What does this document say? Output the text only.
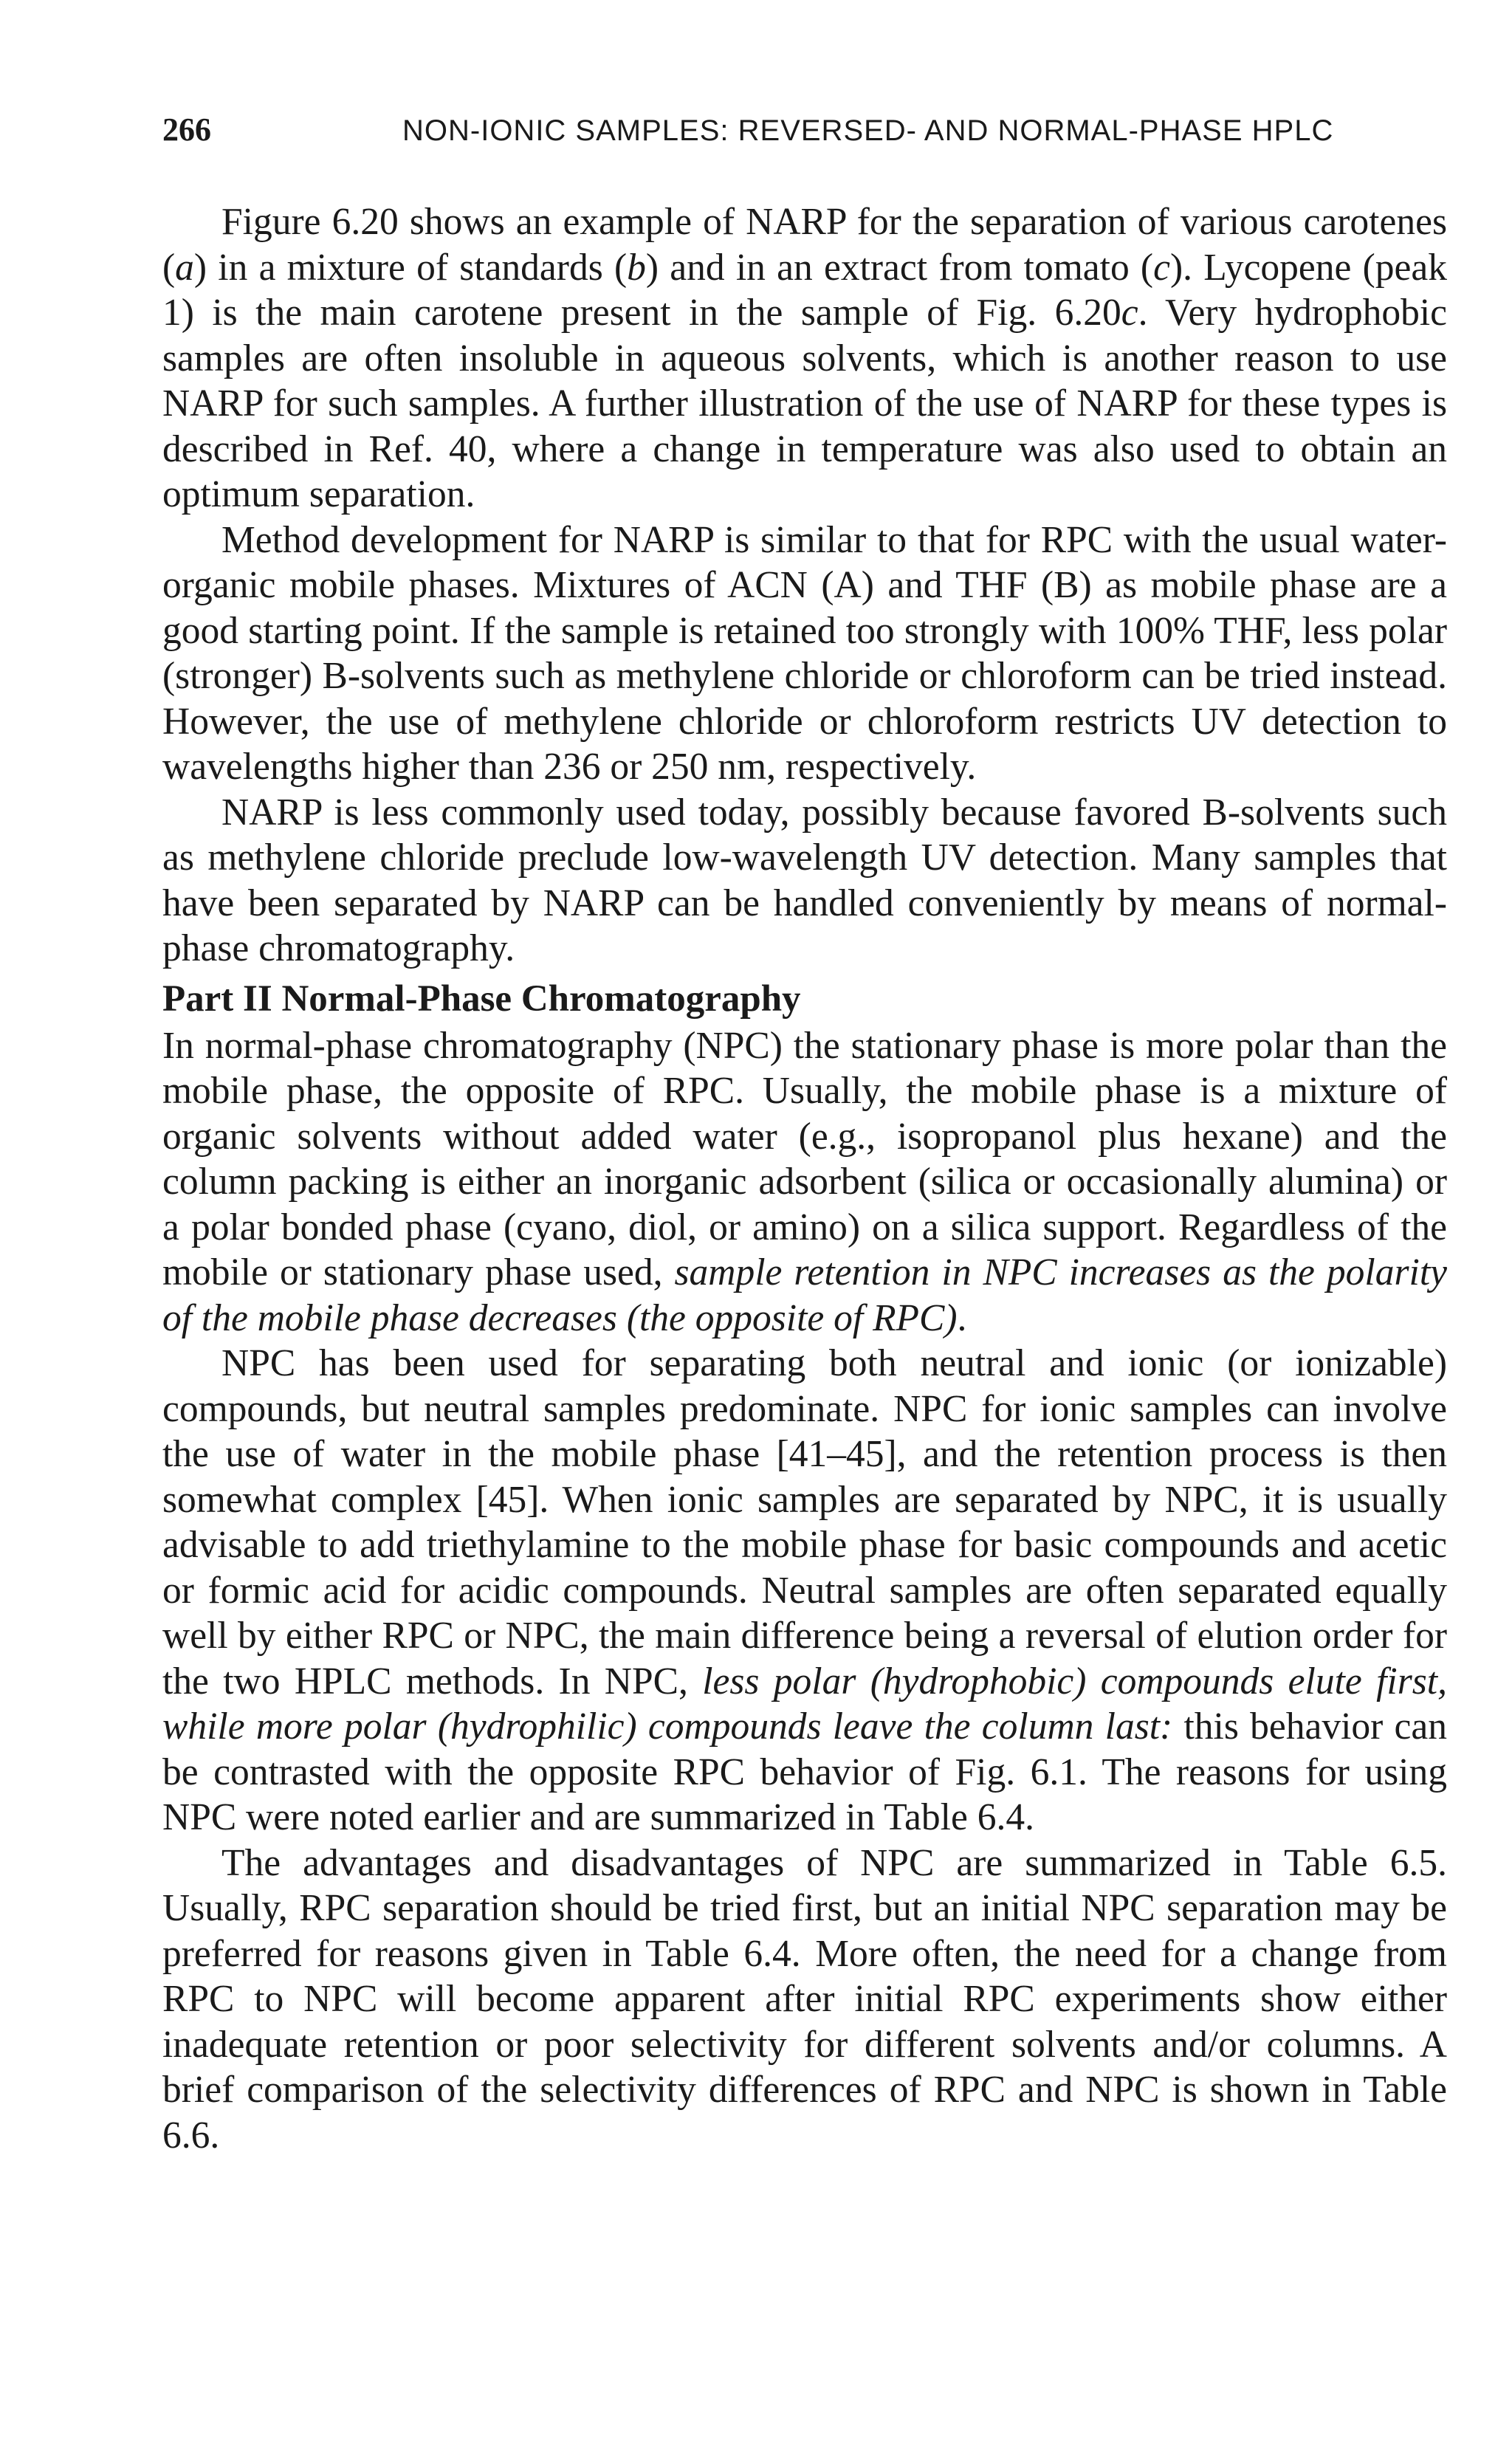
266	NON-IONIC SAMPLES: REVERSED- AND NORMAL-PHASE HPLC

Figure 6.20 shows an example of NARP for the separation of various carotenes (a) in a mixture of standards (b) and in an extract from tomato (c). Lycopene (peak 1) is the main carotene present in the sample of Fig. 6.20c. Very hydrophobic samples are often insoluble in aqueous solvents, which is another reason to use NARP for such samples. A further illustration of the use of NARP for these types is described in Ref. 40, where a change in temperature was also used to obtain an optimum separation.

Method development for NARP is similar to that for RPC with the usual water-organic mobile phases. Mixtures of ACN (A) and THF (B) as mobile phase are a good starting point. If the sample is retained too strongly with 100% THF, less polar (stronger) B-solvents such as methylene chloride or chloroform can be tried instead. However, the use of methylene chloride or chloroform restricts UV detection to wavelengths higher than 236 or 250 nm, respectively.

NARP is less commonly used today, possibly because favored B-solvents such as methylene chloride preclude low-wavelength UV detection. Many samples that have been separated by NARP can be handled conveniently by means of normal-phase chromatography.

Part II Normal-Phase Chromatography

In normal-phase chromatography (NPC) the stationary phase is more polar than the mobile phase, the opposite of RPC. Usually, the mobile phase is a mixture of organic solvents without added water (e.g., isopropanol plus hexane) and the column packing is either an inorganic adsorbent (silica or occasionally alumina) or a polar bonded phase (cyano, diol, or amino) on a silica support. Regardless of the mobile or stationary phase used, sample retention in NPC increases as the polarity of the mobile phase decreases (the opposite of RPC).

NPC has been used for separating both neutral and ionic (or ionizable) compounds, but neutral samples predominate. NPC for ionic samples can involve the use of water in the mobile phase [41–45], and the retention process is then somewhat complex [45]. When ionic samples are separated by NPC, it is usually advisable to add triethylamine to the mobile phase for basic compounds and acetic or formic acid for acidic compounds. Neutral samples are often separated equally well by either RPC or NPC, the main difference being a reversal of elution order for the two HPLC methods. In NPC, less polar (hydrophobic) compounds elute first, while more polar (hydrophilic) compounds leave the column last: this behavior can be contrasted with the opposite RPC behavior of Fig. 6.1. The reasons for using NPC were noted earlier and are summarized in Table 6.4.

The advantages and disadvantages of NPC are summarized in Table 6.5. Usually, RPC separation should be tried first, but an initial NPC separation may be preferred for reasons given in Table 6.4. More often, the need for a change from RPC to NPC will become apparent after initial RPC experiments show either inadequate retention or poor selectivity for different solvents and/or columns. A brief comparison of the selectivity differences of RPC and NPC is shown in Table 6.6.
